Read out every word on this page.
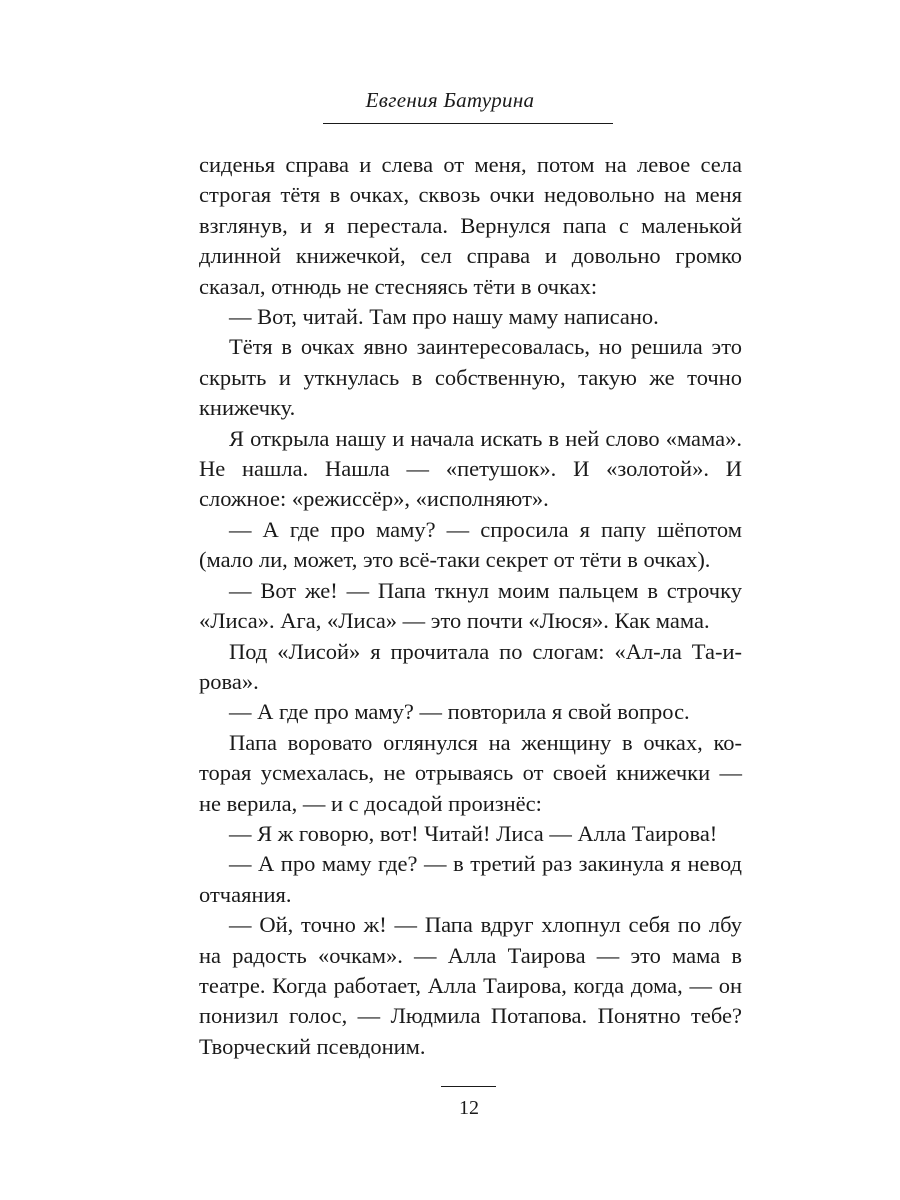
Евгения Батурина

сиденья справа и слева от меня, потом на левое села строгая тётя в очках, сквозь очки недовольно на меня взглянув, и я перестала. Вернулся папа с маленькой длинной книжечкой, сел справа и довольно громко сказал, отнюдь не стесняясь тёти в очках:

— Вот, читай. Там про нашу маму написано.

Тётя в очках явно заинтересовалась, но решила это скрыть и уткнулась в собственную, такую же точно книжечку.

Я открыла нашу и начала искать в ней слово «мама». Не нашла. Нашла — «петушок». И «золотой». И сложное: «режиссёр», «исполняют».

— А где про маму? — спросила я папу шёпотом (мало ли, может, это всё-таки секрет от тёти в очках).

— Вот же! — Папа ткнул моим пальцем в строчку «Лиса». Ага, «Лиса» — это почти «Люся». Как мама.

Под «Лисой» я прочитала по слогам: «Ал-ла Та-ирова».

— А где про маму? — повторила я свой вопрос.

Папа воровато оглянулся на женщину в очках, которая усмехалась, не отрываясь от своей книжечки — не верила, — и с досадой произнёс:

— Я ж говорю, вот! Читай! Лиса — Алла Таирова!

— А про маму где? — в третий раз закинула я невод отчаяния.

— Ой, точно ж! — Папа вдруг хлопнул себя по лбу на радость «очкам». — Алла Таирова — это мама в театре. Когда работает, Алла Таирова, когда дома, — он понизил голос, — Людмила Потапова. Понятно тебе? Творческий псевдоним.

12
